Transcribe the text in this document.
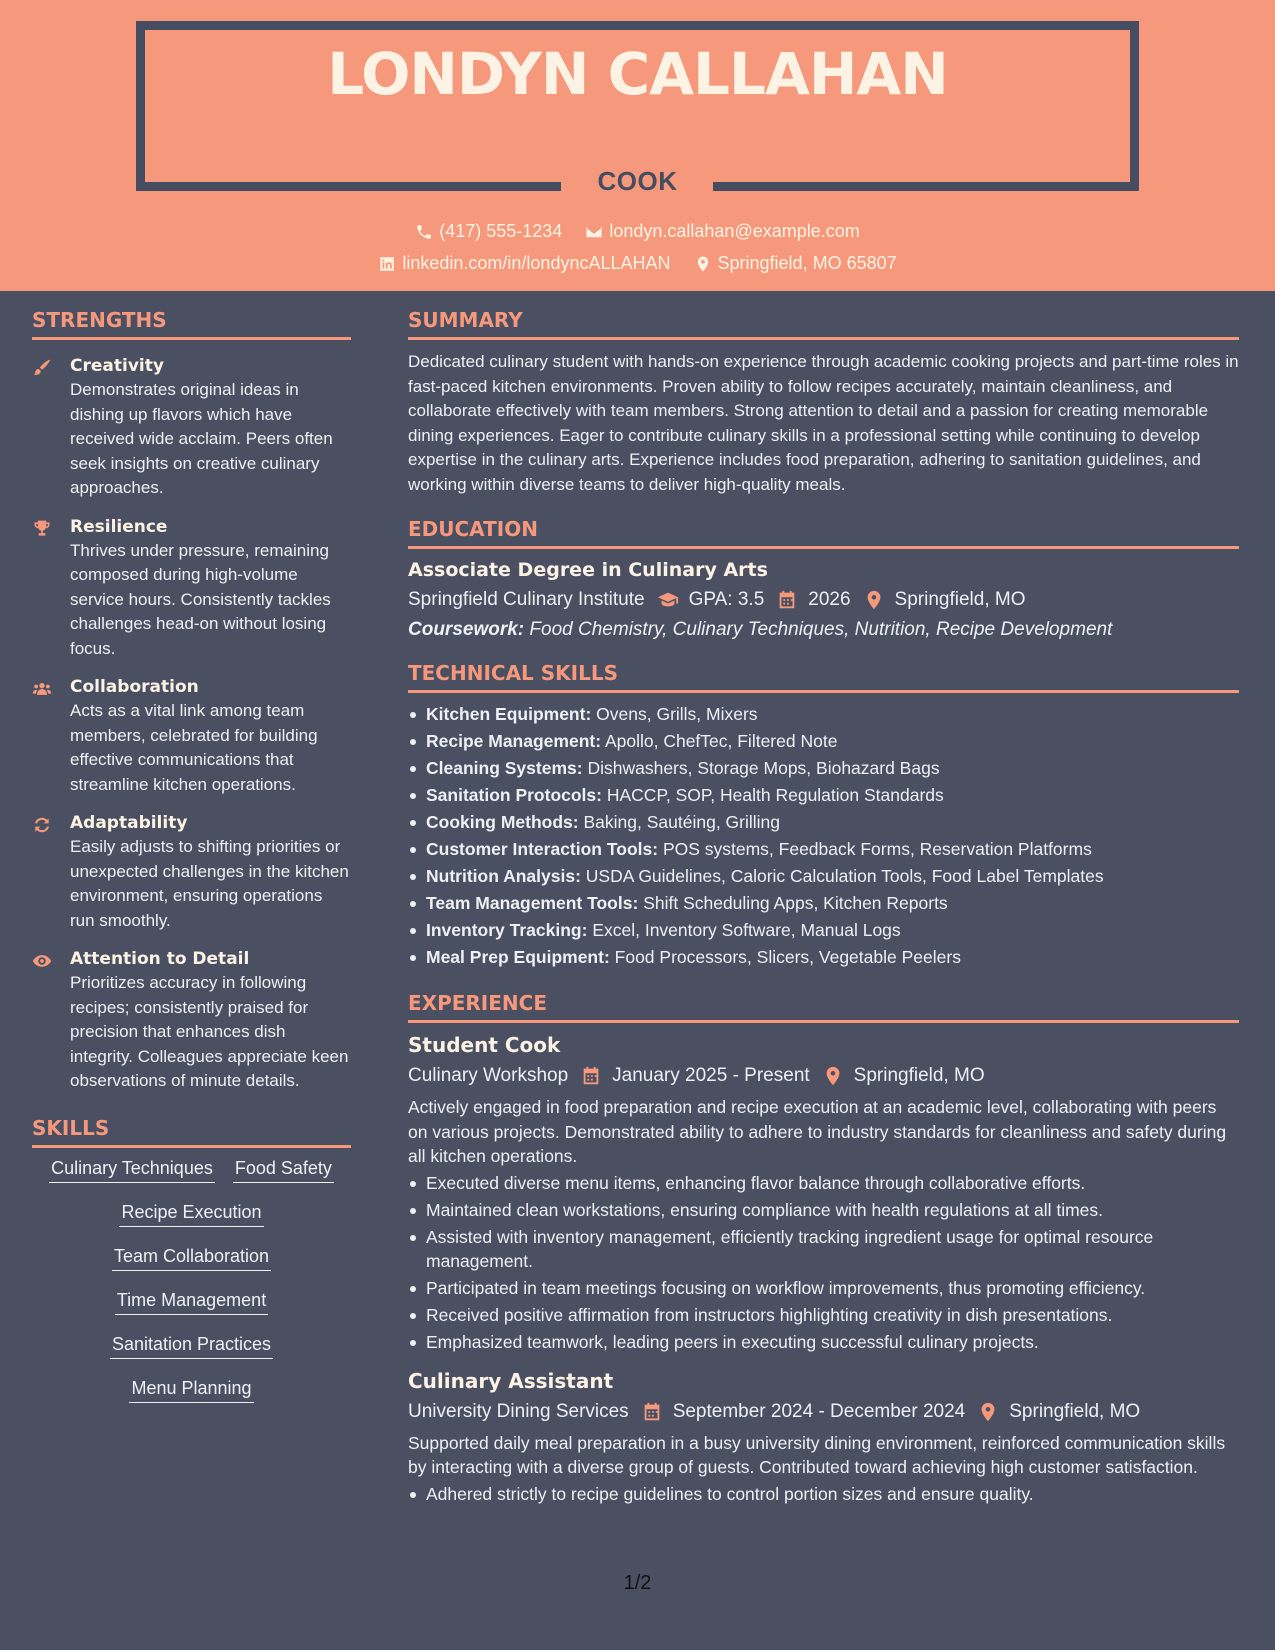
LONDYN CALLAHAN
COOK
(417) 555-1234
	londyn.callahan@example.com
linkedin.com/in/londyncALLAHAN
	Springfield, MO 65807
STRENGTHS
Creativity
Demonstrates original ideas in dishing up flavors which have received wide acclaim. Peers often seek insights on creative culinary approaches.
Resilience
Thrives under pressure, remaining composed during high-volume service hours. Consistently tackles challenges head-on without losing focus.
Collaboration
Acts as a vital link among team members, celebrated for building effective communications that streamline kitchen operations.
Adaptability
Easily adjusts to shifting priorities or unexpected challenges in the kitchen environment, ensuring operations run smoothly.
Attention to Detail
Prioritizes accuracy in following recipes; consistently praised for precision that enhances dish integrity. Colleagues appreciate keen observations of minute details.
SKILLS
Culinary Techniques Food Safety
Recipe Execution
Team Collaboration
Time Management
Sanitation Practices
Menu Planning
SUMMARY
Dedicated culinary student with hands-on experience through academic cooking projects and part-time roles in fast-paced kitchen environments. Proven ability to follow recipes accurately, maintain cleanliness, and collaborate effectively with team members. Strong attention to detail and a passion for creating memorable dining experiences. Eager to contribute culinary skills in a professional setting while continuing to develop expertise in the culinary arts. Experience includes food preparation, adhering to sanitation guidelines, and working within diverse teams to deliver high-quality meals.
EDUCATION
Associate Degree in Culinary Arts
Springfield Culinary Institute GPA: 3.5 2026 Springfield, MO
Coursework: Food Chemistry, Culinary Techniques, Nutrition, Recipe Development
TECHNICAL SKILLS
Kitchen Equipment: Ovens, Grills, Mixers
Recipe Management: Apollo, ChefTec, Filtered Note
Cleaning Systems: Dishwashers, Storage Mops, Biohazard Bags
Sanitation Protocols: HACCP, SOP, Health Regulation Standards
Cooking Methods: Baking, Sautéing, Grilling
Customer Interaction Tools: POS systems, Feedback Forms, Reservation Platforms
Nutrition Analysis: USDA Guidelines, Caloric Calculation Tools, Food Label Templates
Team Management Tools: Shift Scheduling Apps, Kitchen Reports
Inventory Tracking: Excel, Inventory Software, Manual Logs
Meal Prep Equipment: Food Processors, Slicers, Vegetable Peelers
EXPERIENCE
Student Cook
Culinary Workshop January 2025 - Present Springfield, MO
Actively engaged in food preparation and recipe execution at an academic level, collaborating with peers on various projects. Demonstrated ability to adhere to industry standards for cleanliness and safety during all kitchen operations.
Executed diverse menu items, enhancing flavor balance through collaborative efforts.
Maintained clean workstations, ensuring compliance with health regulations at all times.
Assisted with inventory management, efficiently tracking ingredient usage for optimal resource management.
Participated in team meetings focusing on workflow improvements, thus promoting efficiency.
Received positive affirmation from instructors highlighting creativity in dish presentations.
Emphasized teamwork, leading peers in executing successful culinary projects.
Culinary Assistant
University Dining Services September 2024 - December 2024 Springfield, MO
Supported daily meal preparation in a busy university dining environment, reinforced communication skills by interacting with a diverse group of guests. Contributed toward achieving high customer satisfaction.
Adhered strictly to recipe guidelines to control portion sizes and ensure quality.
1/2
